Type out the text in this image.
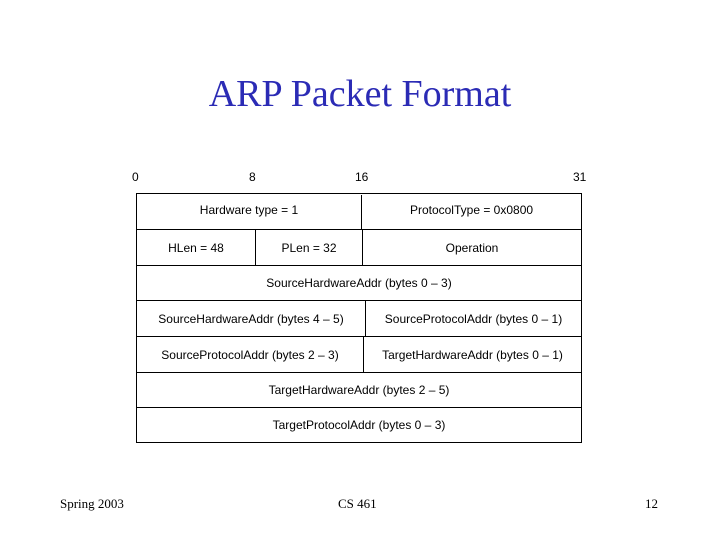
ARP Packet Format
0	8	16	31
Hardware type = 1	ProtocolType = 0x0800
HLen = 48	PLen = 32	Operation
SourceHardwareAddr (bytes 0 – 3)
SourceHardwareAddr (bytes 4 – 5)	SourceProtocolAddr (bytes 0 – 1)
SourceProtocolAddr (bytes 2 – 3)	TargetHardwareAddr (bytes 0 – 1)
TargetHardwareAddr (bytes 2 – 5)
TargetProtocolAddr (bytes 0 – 3)
Spring 2003	CS 461	12
